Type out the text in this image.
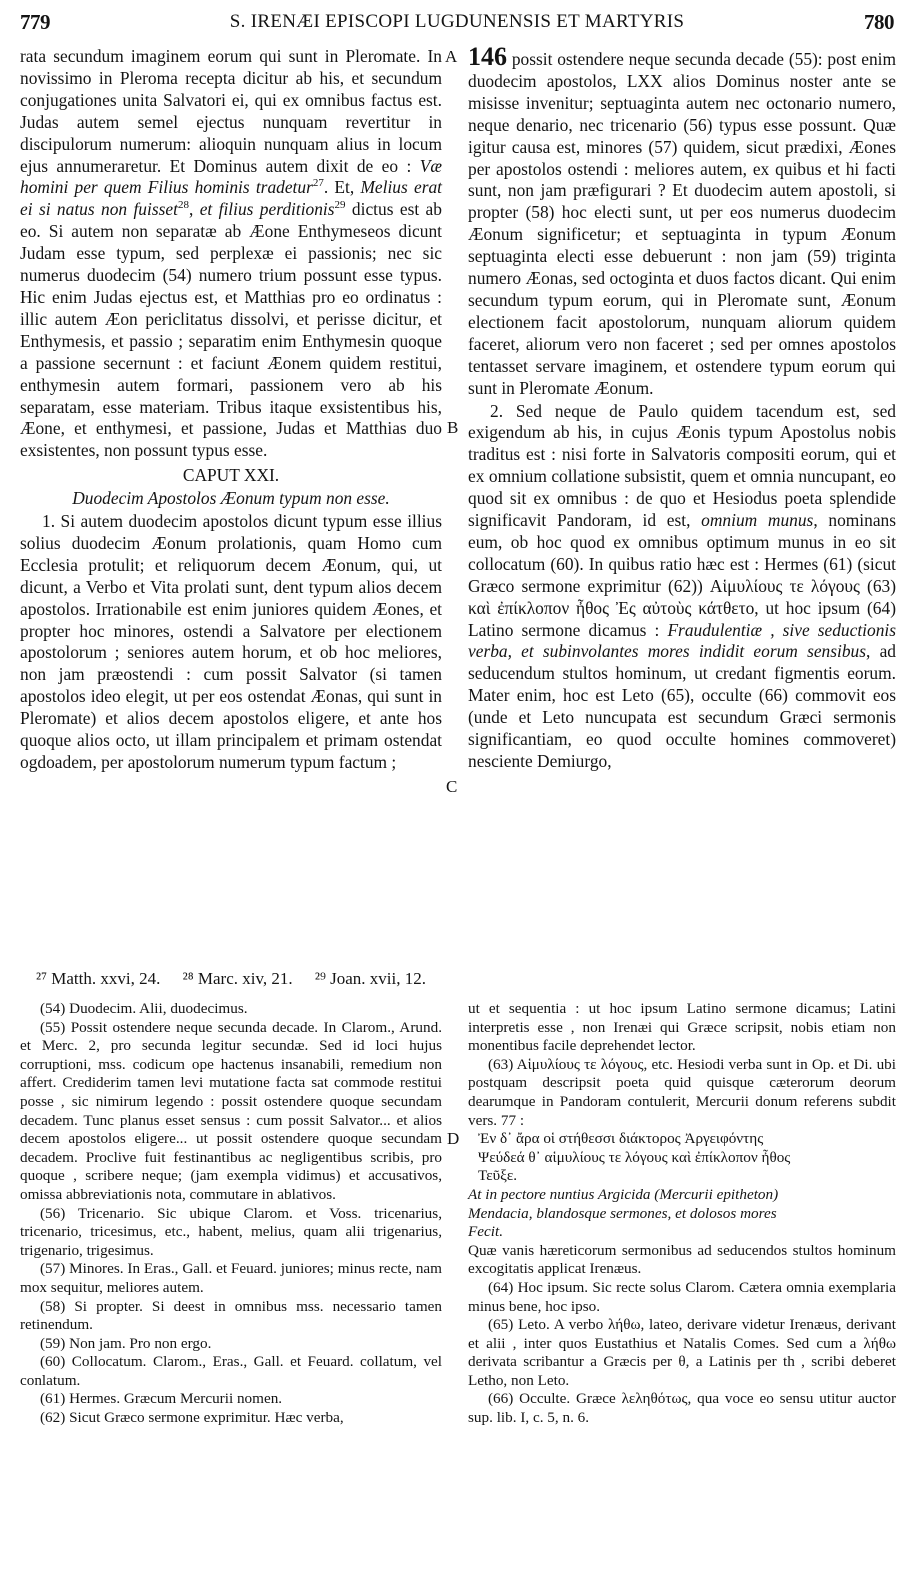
779	S. IRENÆI EPISCOPI LUGDUNENSIS ET MARTYRIS	780
A
B
C
D

rata secundum imaginem eorum qui sunt in Pleromate. In novissimo in Pleroma recepta dicitur ab his, et secundum conjugationes unita Salvatori ei, qui ex omnibus factus est. Judas autem semel ejectus nunquam revertitur in discipulorum numerum: alioquin nunquam alius in locum ejus annumeraretur. Et Dominus autem dixit de eo : Væ homini per quem Filius hominis tradetur$^{27}$. Et, Melius erat ei si natus non fuisset$^{28}$, et filius perditionis$^{29}$ dictus est ab eo. Si autem non separatæ ab Æone Enthymeseos dicunt Judam esse typum, sed perplexæ ei passionis; nec sic numerus duodecim (54) numero trium possunt esse typus. Hic enim Judas ejectus est, et Matthias pro eo ordinatus : illic autem Æon periclitatus dissolvi, et perisse dicitur, et Enthymesis, et passio ; separatim enim Enthymesin quoque a passione secernunt : et faciunt Æonem quidem restitui, enthymesin autem formari, passionem vero ab his separatam, esse materiam. Tribus itaque exsistentibus his, Æone, et enthymesi, et passione, Judas et Matthias duo exsistentes, non possunt typus esse.

CAPUT XXI.

Duodecim Apostolos Æonum typum non esse.

1. Si autem duodecim apostolos dicunt typum esse illius solius duodecim Æonum prolationis, quam Homo cum Ecclesia protulit; et reliquorum decem Æonum, qui, ut dicunt, a Verbo et Vita prolati sunt, dent typum alios decem apostolos. Irrationabile est enim juniores quidem Æones, et propter hoc minores, ostendi a Salvatore per electionem apostolorum ; seniores autem horum, et ob hoc meliores, non jam præostendi : cum possit Salvator (si tamen apostolos ideo elegit, ut per eos ostendat Æonas, qui sunt in Pleromate) et alios decem apostolos eligere, et ante hos quoque alios octo, ut illam principalem et primam ostendat ogdoadem, per apostolorum numerum typum factum ;

146 possit ostendere neque secunda decade (55): post enim duodecim apostolos, LXX alios Dominus noster ante se misisse invenitur; septuaginta autem nec octonario numero, neque denario, nec tricenario (56) typus esse possunt. Quæ igitur causa est, minores (57) quidem, sicut prædixi, Æones per apostolos ostendi : meliores autem, ex quibus et hi facti sunt, non jam præfigurari ? Et duodecim autem apostoli, si propter (58) hoc electi sunt, ut per eos numerus duodecim Æonum significetur; et septuaginta in typum Æonum septuaginta electi esse debuerunt : non jam (59) triginta numero Æonas, sed octoginta et duos factos dicant. Qui enim secundum typum eorum, qui in Pleromate sunt, Æonum electionem facit apostolorum, nunquam aliorum quidem faceret, aliorum vero non faceret ; sed per omnes apostolos tentasset servare imaginem, et ostendere typum eorum qui sunt in Pleromate Æonum.

2. Sed neque de Paulo quidem tacendum est, sed exigendum ab his, in cujus Æonis typum Apostolus nobis traditus est : nisi forte in Salvatoris compositi eorum, qui et ex omnium collatione subsistit, quem et omnia nuncupant, eo quod sit ex omnibus : de quo et Hesiodus poeta splendide significavit Pandoram, id est, omnium munus, nominans eum, ob hoc quod ex omnibus optimum munus in eo sit collocatum (60). In quibus ratio hæc est : Hermes (61) (sicut Græco sermone exprimitur (62)) Αἱμυλίους τε λόγους (63) καὶ ἐπίκλοπον ἦθος Ἐς αὐτοὺς κάτθετο, ut hoc ipsum (64) Latino sermone dicamus : Fraudulentiæ , sive seductionis verba, et subinvolantes mores indidit eorum sensibus, ad seducendum stultos hominum, ut credant figmentis eorum. Mater enim, hoc est Leto (65), occulte (66) commovit eos (unde et Leto nuncupata est secundum Græci sermonis significantiam, eo quod occulte homines commoveret) nesciente Demiurgo,

²⁷ Matth. xxvi, 24. ²⁸ Marc. xiv, 21. ²⁹ Joan. xvii, 12.

(54) Duodecim. Alii, duodecimus.

(55) Possit ostendere neque secunda decade. In Clarom., Arund. et Merc. 2, pro secunda legitur secundæ. Sed id loci hujus corruptioni, mss. codicum ope hactenus insanabili, remedium non affert. Crediderim tamen levi mutatione facta sat commode restitui posse , sic nimirum legendo : possit ostendere quoque secundam decadem. Tunc planus esset sensus : cum possit Salvator... et alios decem apostolos eligere... ut possit ostendere quoque secundam decadem. Proclive fuit festinantibus ac negligentibus scribis, pro quoque , scribere neque; (jam exempla vidimus) et accusativos, omissa abbreviationis nota, commutare in ablativos.

(56) Tricenario. Sic ubique Clarom. et Voss. tricenarius, tricenario, tricesimus, etc., habent, melius, quam alii trigenarius, trigenario, trigesimus.

(57) Minores. In Eras., Gall. et Feuard. juniores; minus recte, nam mox sequitur, meliores autem.

(58) Si propter. Si deest in omnibus mss. necessario tamen retinendum.

(59) Non jam. Pro non ergo.

(60) Collocatum. Clarom., Eras., Gall. et Feuard. collatum, vel conlatum.

(61) Hermes. Græcum Mercurii nomen.

(62) Sicut Græco sermone exprimitur. Hæc verba,

ut et sequentia : ut hoc ipsum Latino sermone dicamus; Latini interpretis esse , non Irenæi qui Græce scripsit, nobis etiam non monentibus facile deprehendet lector.

(63) Αἱμυλίους τε λόγους, etc. Hesiodi verba sunt in Op. et Di. ubi postquam descripsit poeta quid quisque cæterorum deorum dearumque in Pandoram contulerit, Mercurii donum referens subdit vers. 77 :

Ἐν δ᾽ ἄρα οἱ στήθεσσι διάκτορος Ἀργειφόντης

Ψεύδεά θ᾽ αἱμυλίους τε λόγους καὶ ἐπίκλοπον ἦθος

Τεῦξε.

At in pectore nuntius Argicida (Mercurii epitheton)

Mendacia, blandosque sermones, et dolosos mores

Fecit.

Quæ vanis hæreticorum sermonibus ad seducendos stultos hominum excogitatis applicat Irenæus.

(64) Hoc ipsum. Sic recte solus Clarom. Cætera omnia exemplaria minus bene, hoc ipso.

(65) Leto. A verbo λήθω, lateo, derivare videtur Irenæus, derivant et alii , inter quos Eustathius et Natalis Comes. Sed cum a λήθω derivata scribantur a Græcis per θ, a Latinis per th , scribi deberet Letho, non Leto.

(66) Occulte. Græce λεληθότως, qua voce eo sensu utitur auctor sup. lib. I, c. 5, n. 6.
